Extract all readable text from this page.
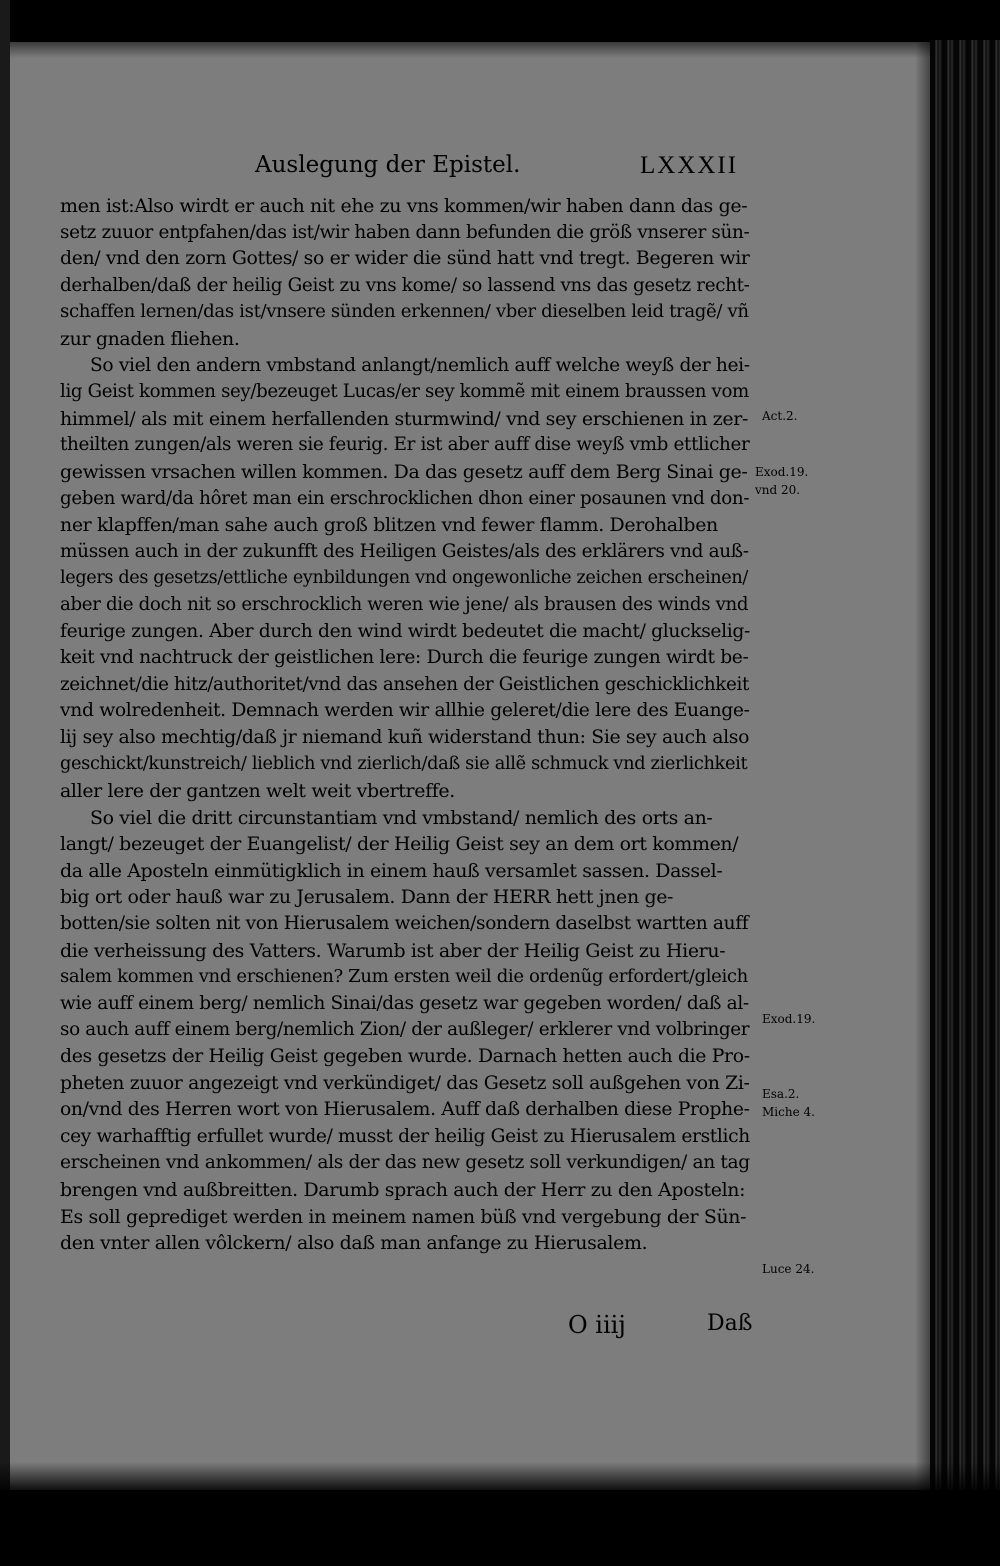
Auslegung der Epistel.	LXXXII
men ist:Also wirdt er auch nit ehe zu vns kommen/wir haben dann das ge-
setz zuuor entpfahen/das ist/wir haben dann befunden die größ vnserer sün-
den/ vnd den zorn Gottes/ so er wider die sünd hatt vnd tregt. Begeren wir
derhalben/daß der heilig Geist zu vns kome/ so lassend vns das gesetz recht-
schaffen lernen/das ist/vnsere sünden erkennen/ vber dieselben leid tragẽ/ vñ
zur gnaden fliehen.
So viel den andern vmbstand anlangt/nemlich auff welche weyß der hei-
lig Geist kommen sey/bezeuget Lucas/er sey kommẽ mit einem braussen vom
himmel/ als mit einem herfallenden sturmwind/ vnd sey erschienen in zer-
theilten zungen/als weren sie feurig. Er ist aber auff dise weyß vmb ettlicher
gewissen vrsachen willen kommen. Da das gesetz auff dem Berg Sinai ge-
geben ward/da hôret man ein erschrocklichen dhon einer posaunen vnd don-
ner klapffen/man sahe auch groß blitzen vnd fewer flamm. Derohalben
müssen auch in der zukunfft des Heiligen Geistes/als des erklärers vnd auß-
legers des gesetzs/ettliche eynbildungen vnd ongewonliche zeichen erscheinen/
aber die doch nit so erschrocklich weren wie jene/ als brausen des winds vnd
feurige zungen. Aber durch den wind wirdt bedeutet die macht/ gluckselig-
keit vnd nachtruck der geistlichen lere: Durch die feurige zungen wirdt be-
zeichnet/die hitz/authoritet/vnd das ansehen der Geistlichen geschicklichkeit
vnd wolredenheit. Demnach werden wir allhie geleret/die lere des Euange-
lij sey also mechtig/daß jr niemand kuñ widerstand thun: Sie sey auch also
geschickt/kunstreich/ lieblich vnd zierlich/daß sie allẽ schmuck vnd zierlichkeit
aller lere der gantzen welt weit vbertreffe.
So viel die dritt circunstantiam vnd vmbstand/ nemlich des orts an-
langt/ bezeuget der Euangelist/ der Heilig Geist sey an dem ort kommen/
da alle Aposteln einmütigklich in einem hauß versamlet sassen. Dassel-
big ort oder hauß war zu Jerusalem. Dann der HERR hett jnen ge-
botten/sie solten nit von Hierusalem weichen/sondern daselbst wartten auff
die verheissung des Vatters. Warumb ist aber der Heilig Geist zu Hieru-
salem kommen vnd erschienen? Zum ersten weil die ordenũg erfordert/gleich
wie auff einem berg/ nemlich Sinai/das gesetz war gegeben worden/ daß al-
so auch auff einem berg/nemlich Zion/ der außleger/ erklerer vnd volbringer
des gesetzs der Heilig Geist gegeben wurde. Darnach hetten auch die Pro-
pheten zuuor angezeigt vnd verkündiget/ das Gesetz soll außgehen von Zi-
on/vnd des Herren wort von Hierusalem. Auff daß derhalben diese Prophe-
cey warhafftig erfullet wurde/ musst der heilig Geist zu Hierusalem erstlich
erscheinen vnd ankommen/ als der das new gesetz soll verkundigen/ an tag
brengen vnd außbreitten. Darumb sprach auch der Herr zu den Aposteln:
Es soll geprediget werden in meinem namen büß vnd vergebung der Sün-
den vnter allen vôlckern/ also daß man anfange zu Hierusalem.
Act.2.
Exod.19.
vnd 20.
Exod.19.
Esa.2.
Miche 4.
Luce 24.
O iiij	Daß
